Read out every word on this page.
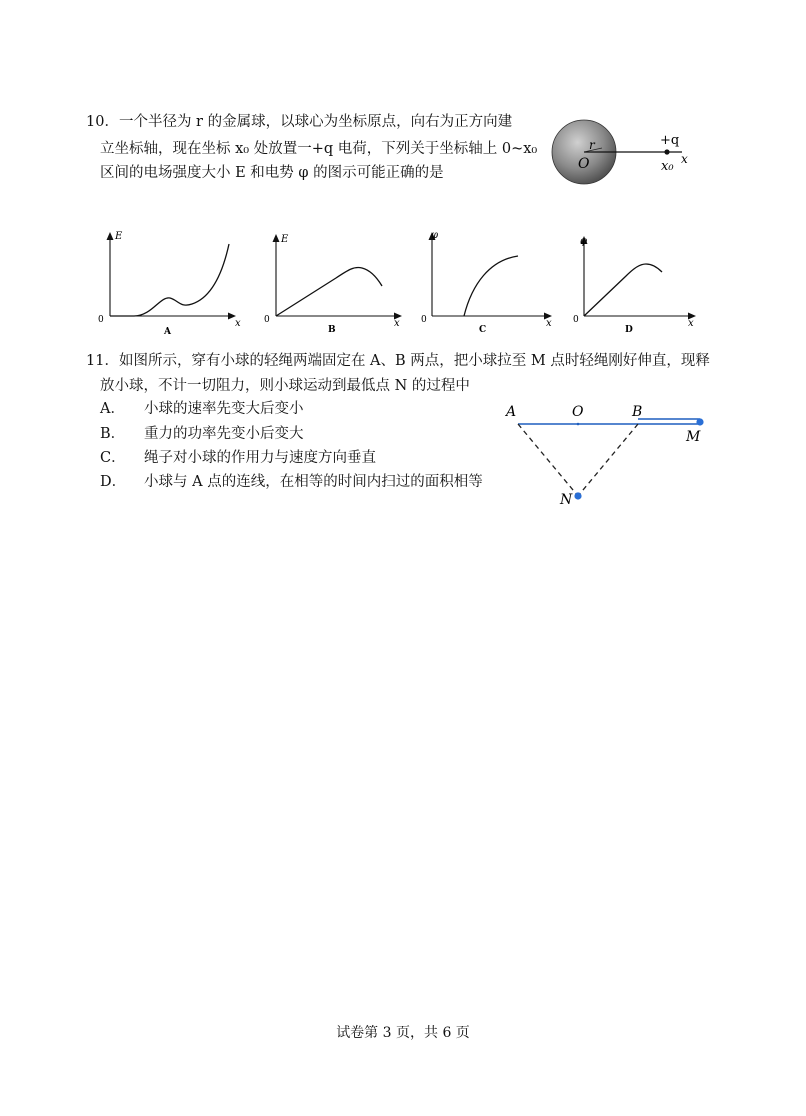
10．一个半径为 r 的金属球，以球心为坐标原点，向右为正方向建
立坐标轴，现在坐标 x₀ 处放置一+q 电荷，下列关于坐标轴上 0~x₀
区间的电场强度大小 E 和电势 φ 的图示可能正确的是
r
O
+q
x₀ x
E
0	x
A
E
0	x
B
φ
0	x
C
φ
0	x
D
11．如图所示，穿有小球的轻绳两端固定在 A、B 两点，把小球拉至 M 点时轻绳刚好伸直，现释
放小球，不计一切阻力，则小球运动到最低点 N 的过程中
A． 小球的速率先变大后变小
B． 重力的功率先变小后变大
C． 绳子对小球的作用力与速度方向垂直
D． 小球与 A 点的连线，在相等的时间内扫过的面积相等
A	O	B
M
N
试卷第 3 页，共 6 页
